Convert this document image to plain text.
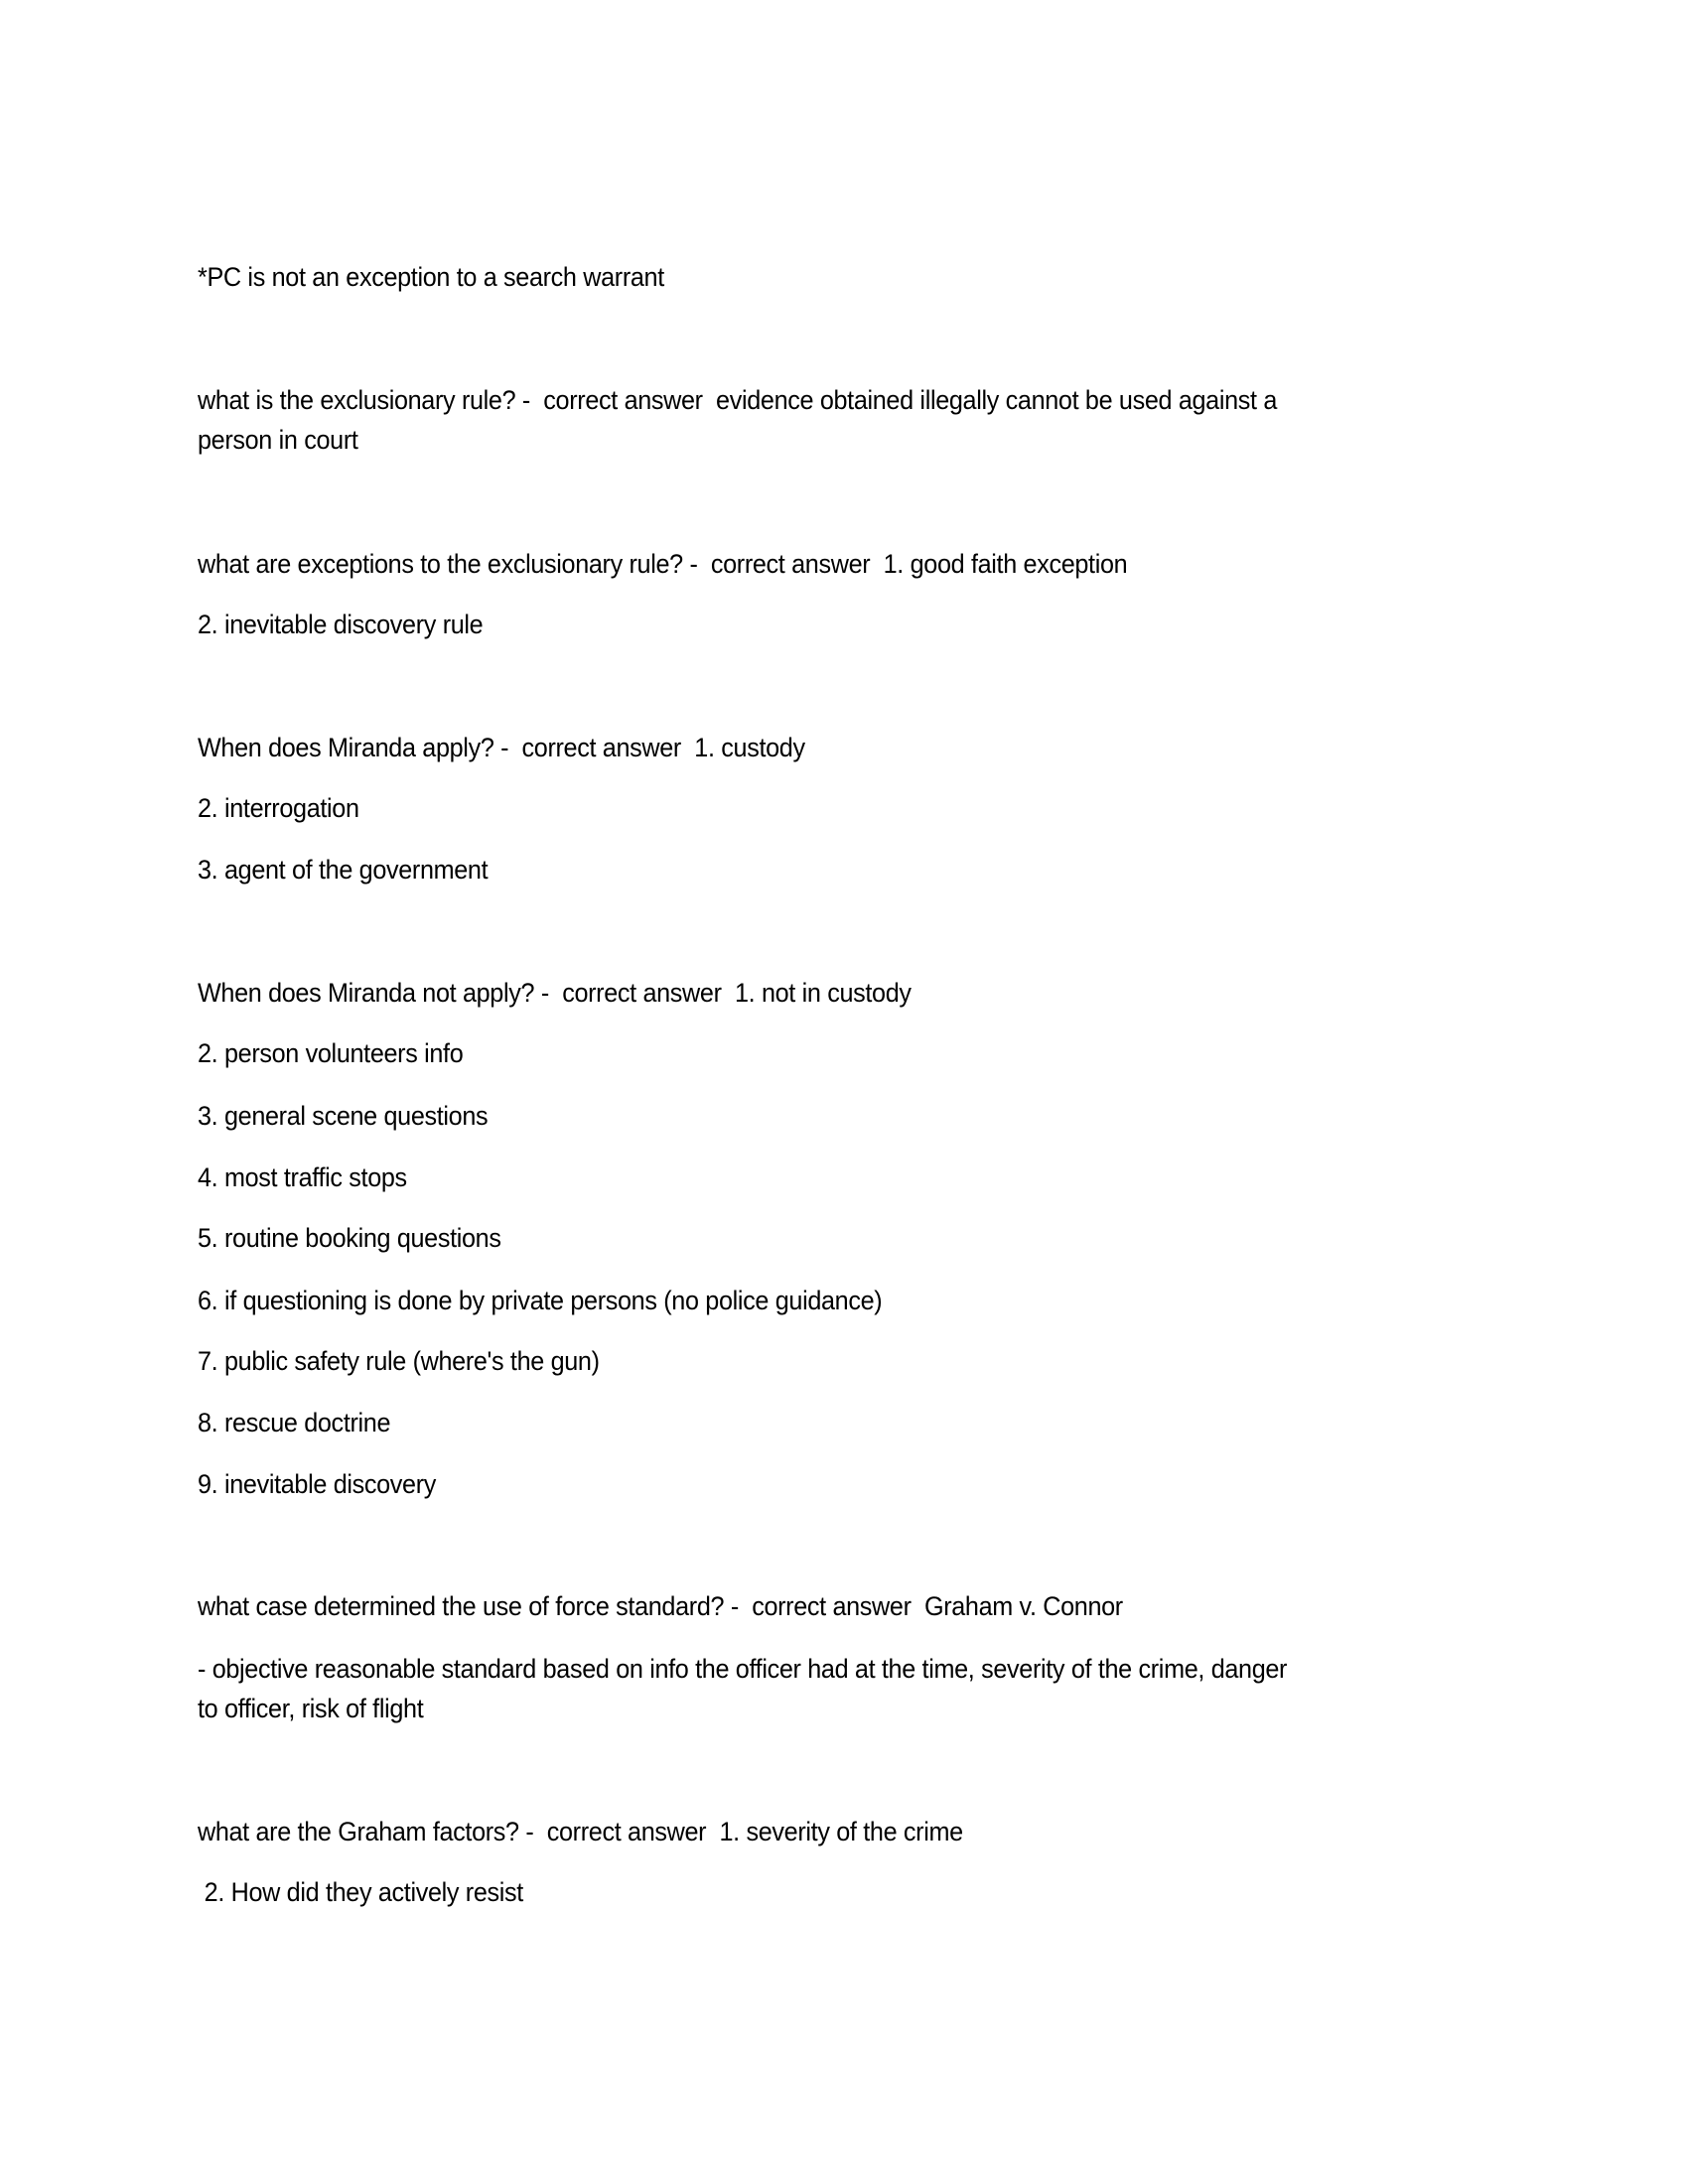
*PC is not an exception to a search warrant
what is the exclusionary rule? -  correct answer  evidence obtained illegally cannot be used against a
person in court
what are exceptions to the exclusionary rule? -  correct answer  1. good faith exception
2. inevitable discovery rule
When does Miranda apply? -  correct answer  1. custody
2. interrogation
3. agent of the government
When does Miranda not apply? -  correct answer  1. not in custody
2. person volunteers info
3. general scene questions
4. most traffic stops
5. routine booking questions
6. if questioning is done by private persons (no police guidance)
7. public safety rule (where's the gun)
8. rescue doctrine
9. inevitable discovery
what case determined the use of force standard? -  correct answer  Graham v. Connor
- objective reasonable standard based on info the officer had at the time, severity of the crime, danger
to officer, risk of flight
what are the Graham factors? -  correct answer  1. severity of the crime
2. How did they actively resist
